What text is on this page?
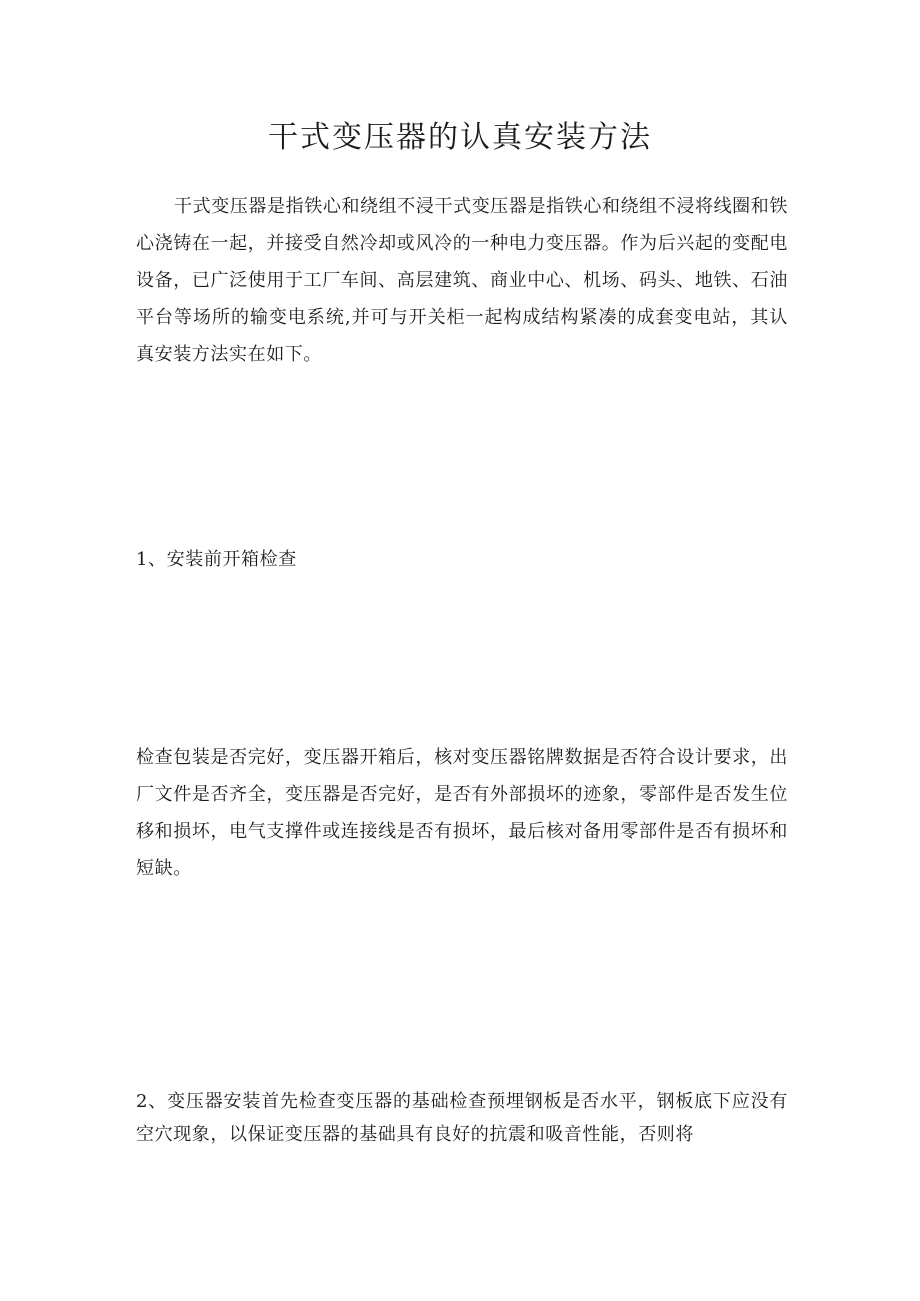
干式变压器的认真安装方法

干式变压器是指铁心和绕组不浸干式变压器是指铁心和绕组不浸将线圈和铁心浇铸在一起，并接受自然冷却或风冷的一种电力变压器。作为后兴起的变配电设备，已广泛使用于工厂车间、高层建筑、商业中心、机场、码头、地铁、石油平台等场所的输变电系统,并可与开关柜一起构成结构紧凑的成套变电站，其认真安装方法实在如下。

1、安装前开箱检查

检查包装是否完好，变压器开箱后，核对变压器铭牌数据是否符合设计要求，出厂文件是否齐全，变压器是否完好，是否有外部损坏的迹象，零部件是否发生位移和损坏，电气支撑件或连接线是否有损坏，最后核对备用零部件是否有损坏和短缺。

2、变压器安装首先检查变压器的基础检查预埋钢板是否水平，钢板底下应没有空穴现象，以保证变压器的基础具有良好的抗震和吸音性能，否则将
